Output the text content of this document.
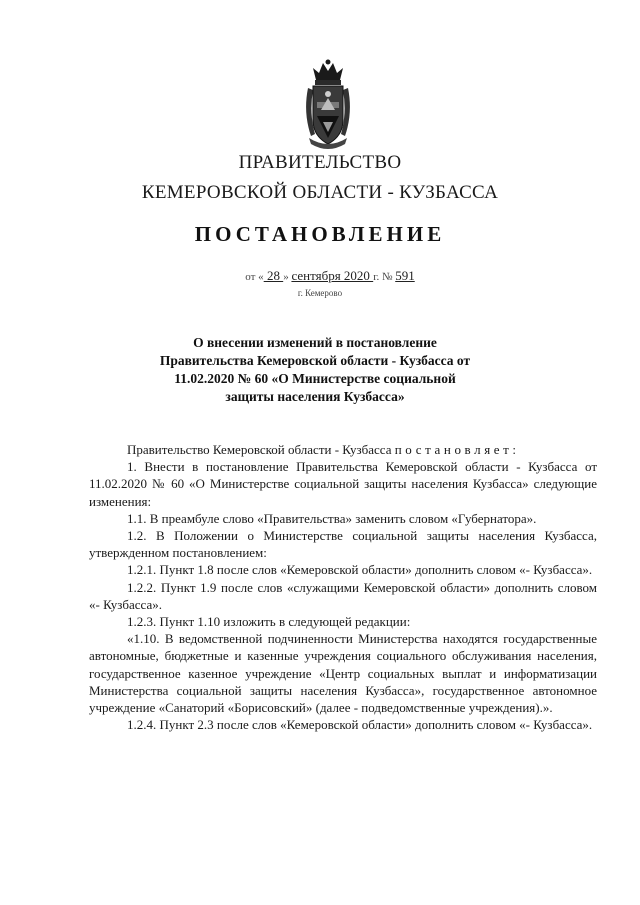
ПРАВИТЕЛЬСТВО
КЕМЕРОВСКОЙ ОБЛАСТИ - КУЗБАССА
ПОСТАНОВЛЕНИЕ
от « 28 » сентября 2020 г. № 591
г. Кемерово
О внесении изменений в постановление Правительства Кемеровской области - Кузбасса от 11.02.2020 № 60 «О Министерстве социальной защиты населения Кузбасса»

Правительство Кемеровской области - Кузбасса постановляет:

1. Внести в постановление Правительства Кемеровской области - Кузбасса от 11.02.2020 № 60 «О Министерстве социальной защиты населения Кузбасса» следующие изменения:

1.1. В преамбуле слово «Правительства» заменить словом «Губернатора».

1.2. В Положении о Министерстве социальной защиты населения Кузбасса, утвержденном постановлением:

1.2.1. Пункт 1.8 после слов «Кемеровской области» дополнить словом «- Кузбасса».

1.2.2. Пункт 1.9 после слов «служащими Кемеровской области» дополнить словом «- Кузбасса».

1.2.3. Пункт 1.10 изложить в следующей редакции:

«1.10. В ведомственной подчиненности Министерства находятся государственные автономные, бюджетные и казенные учреждения социального обслуживания населения, государственное казенное учреждение «Центр социальных выплат и информатизации Министерства социальной защиты населения Кузбасса», государственное автономное учреждение «Санаторий «Борисовский» (далее - подведомственные учреждения).».

1.2.4. Пункт 2.3 после слов «Кемеровской области» дополнить словом «- Кузбасса».
